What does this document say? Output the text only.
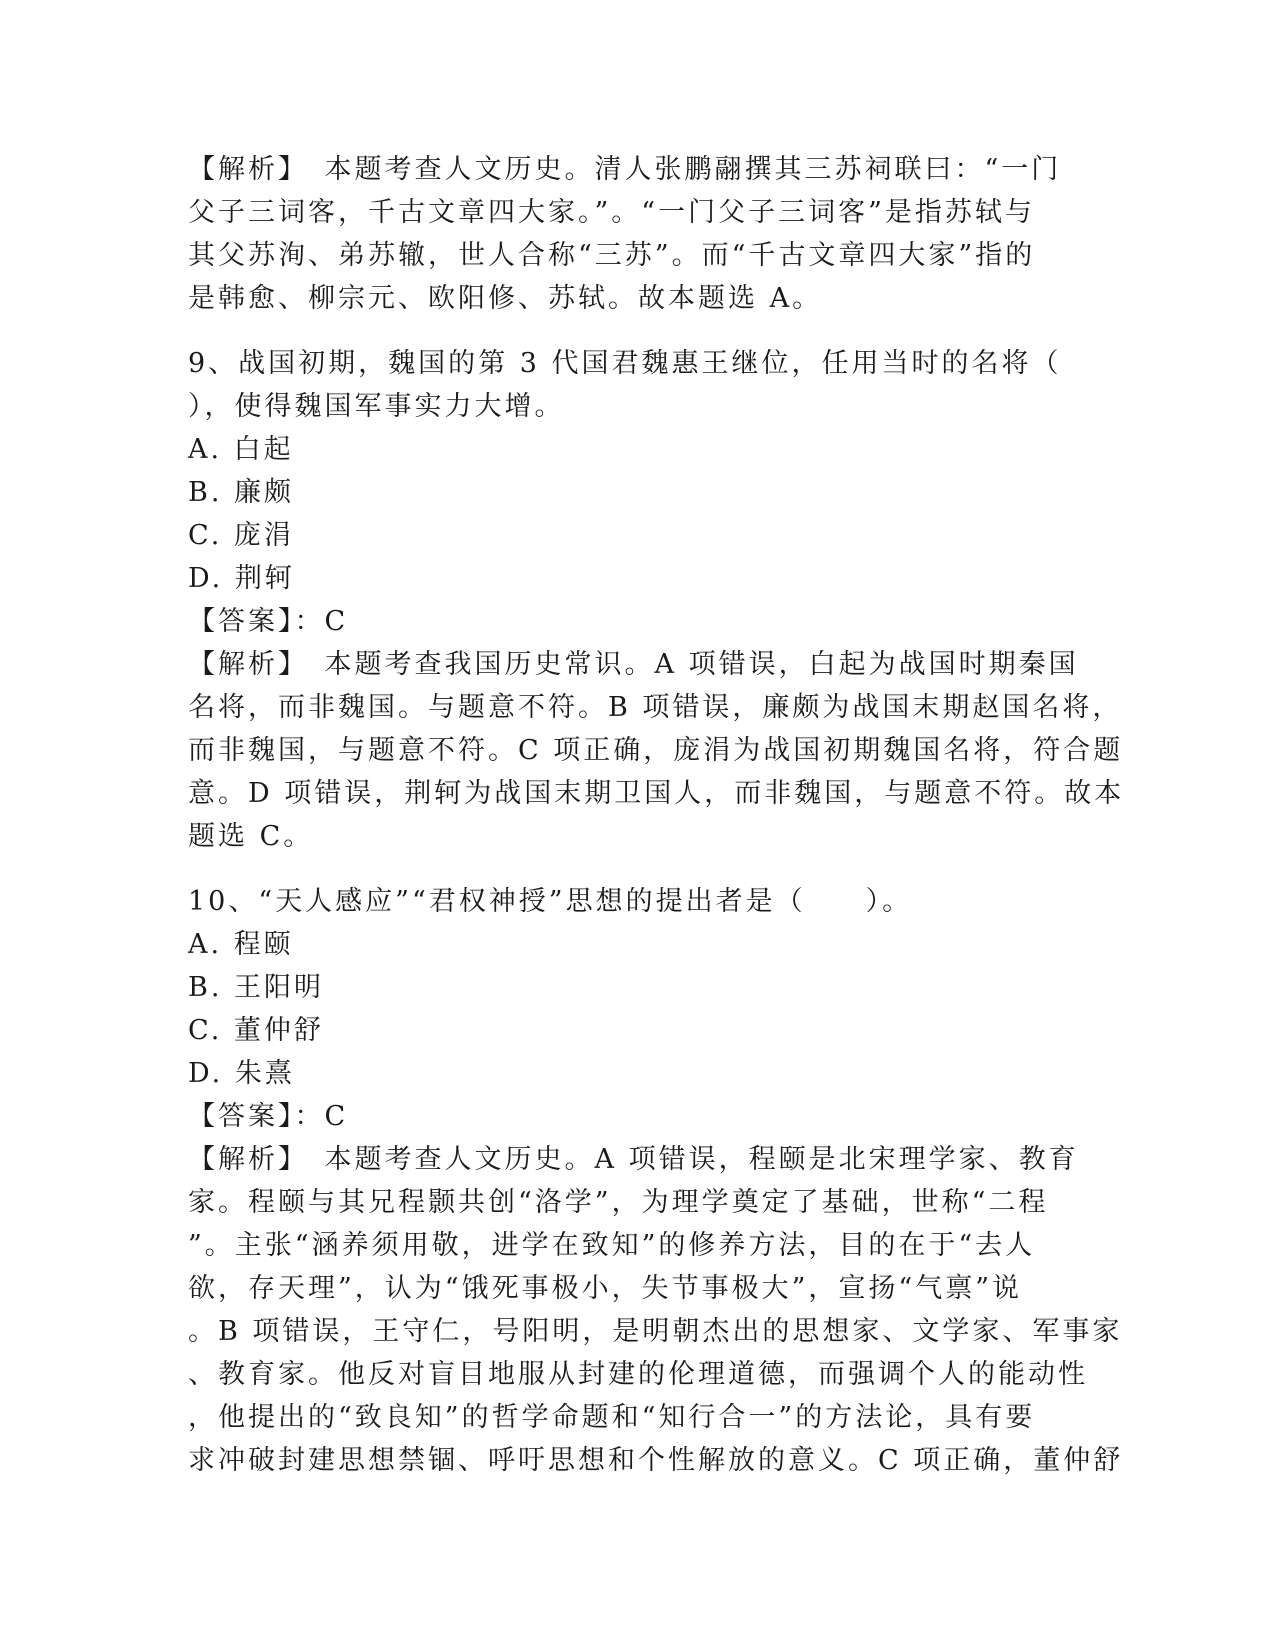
【解析】　本题考查人文历史。清人张鹏翮撰其三苏祠联曰：“一门
父子三词客，千古文章四大家。”。“一门父子三词客”是指苏轼与
其父苏洵、弟苏辙，世人合称“三苏”。而“千古文章四大家”指的
是韩愈、柳宗元、欧阳修、苏轼。故本题选 A。
9、战国初期，魏国的第 3 代国君魏惠王继位，任用当时的名将（
），使得魏国军事实力大增。
A. 白起
B. 廉颇
C. 庞涓
D. 荆轲
【答案】：C
【解析】　本题考查我国历史常识。A 项错误，白起为战国时期秦国
名将，而非魏国。与题意不符。B 项错误，廉颇为战国末期赵国名将，
而非魏国，与题意不符。C 项正确，庞涓为战国初期魏国名将，符合题
意。D 项错误，荆轲为战国末期卫国人，而非魏国，与题意不符。故本
题选 C。
10、“天人感应”“君权神授”思想的提出者是（　　）。
A. 程颐
B. 王阳明
C. 董仲舒
D. 朱熹
【答案】：C
【解析】　本题考查人文历史。A 项错误，程颐是北宋理学家、教育
家。程颐与其兄程颢共创“洛学”，为理学奠定了基础，世称“二程
”。主张“涵养须用敬，进学在致知”的修养方法，目的在于“去人
欲，存天理”，认为“饿死事极小，失节事极大”，宣扬“气禀”说
。B 项错误，王守仁，号阳明，是明朝杰出的思想家、文学家、军事家
、教育家。他反对盲目地服从封建的伦理道德，而强调个人的能动性
，他提出的“致良知”的哲学命题和“知行合一”的方法论，具有要
求冲破封建思想禁锢、呼吁思想和个性解放的意义。C 项正确，董仲舒
